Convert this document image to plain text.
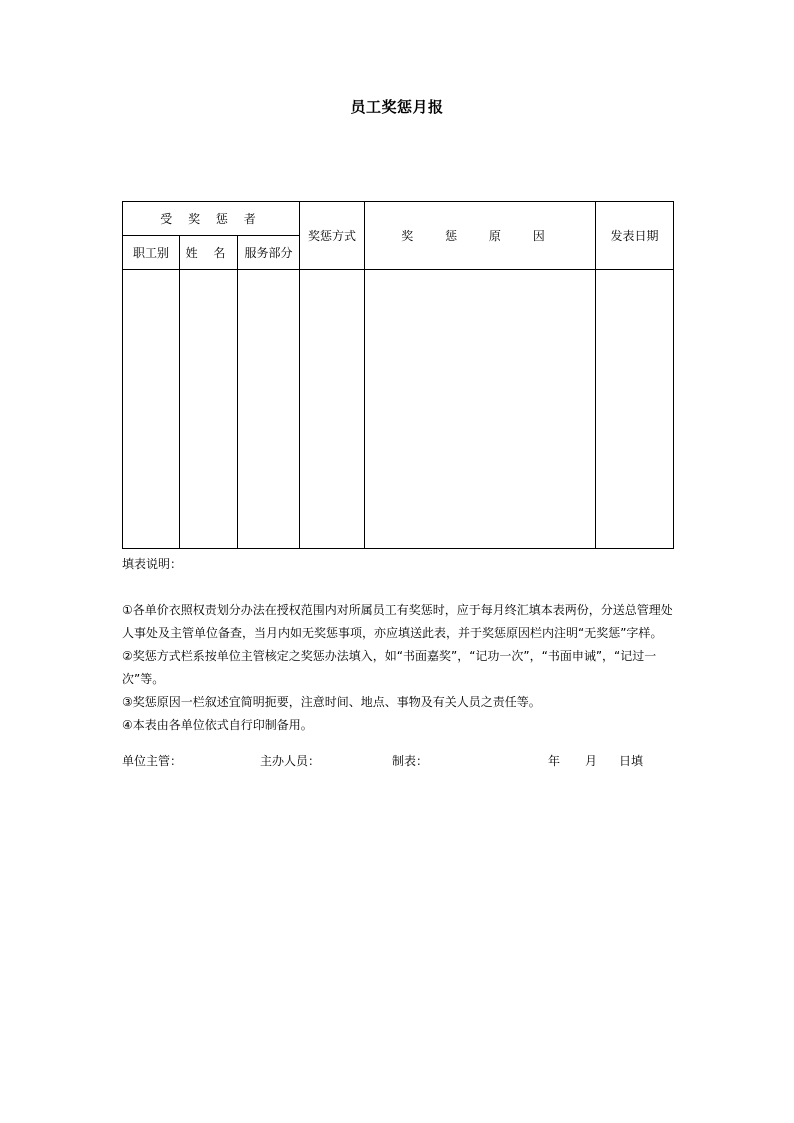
员工奖惩月报
受 奖 惩 者			奖惩方式	奖 惩 原 因	发表日期
职工别	姓 名	服务部分			

填表说明：

①各单价衣照权责划分办法在授权范围内对所属员工有奖惩时，应于每月终汇填本表两份，分送总管理处人事处及主管单位备查，当月内如无奖惩事项，亦应填送此表，并于奖惩原因栏内注明“无奖惩”字样。

②奖惩方式栏系按单位主管核定之奖惩办法填入，如“书面嘉奖”，“记功一次”，“书面申诫”，“记过一次”等。

③奖惩原因一栏叙述宜简明扼要，注意时间、地点、事物及有关人员之责任等。

④本表由各单位依式自行印制备用。

单位主管：	主办人员：	制表：	年 月 日填
